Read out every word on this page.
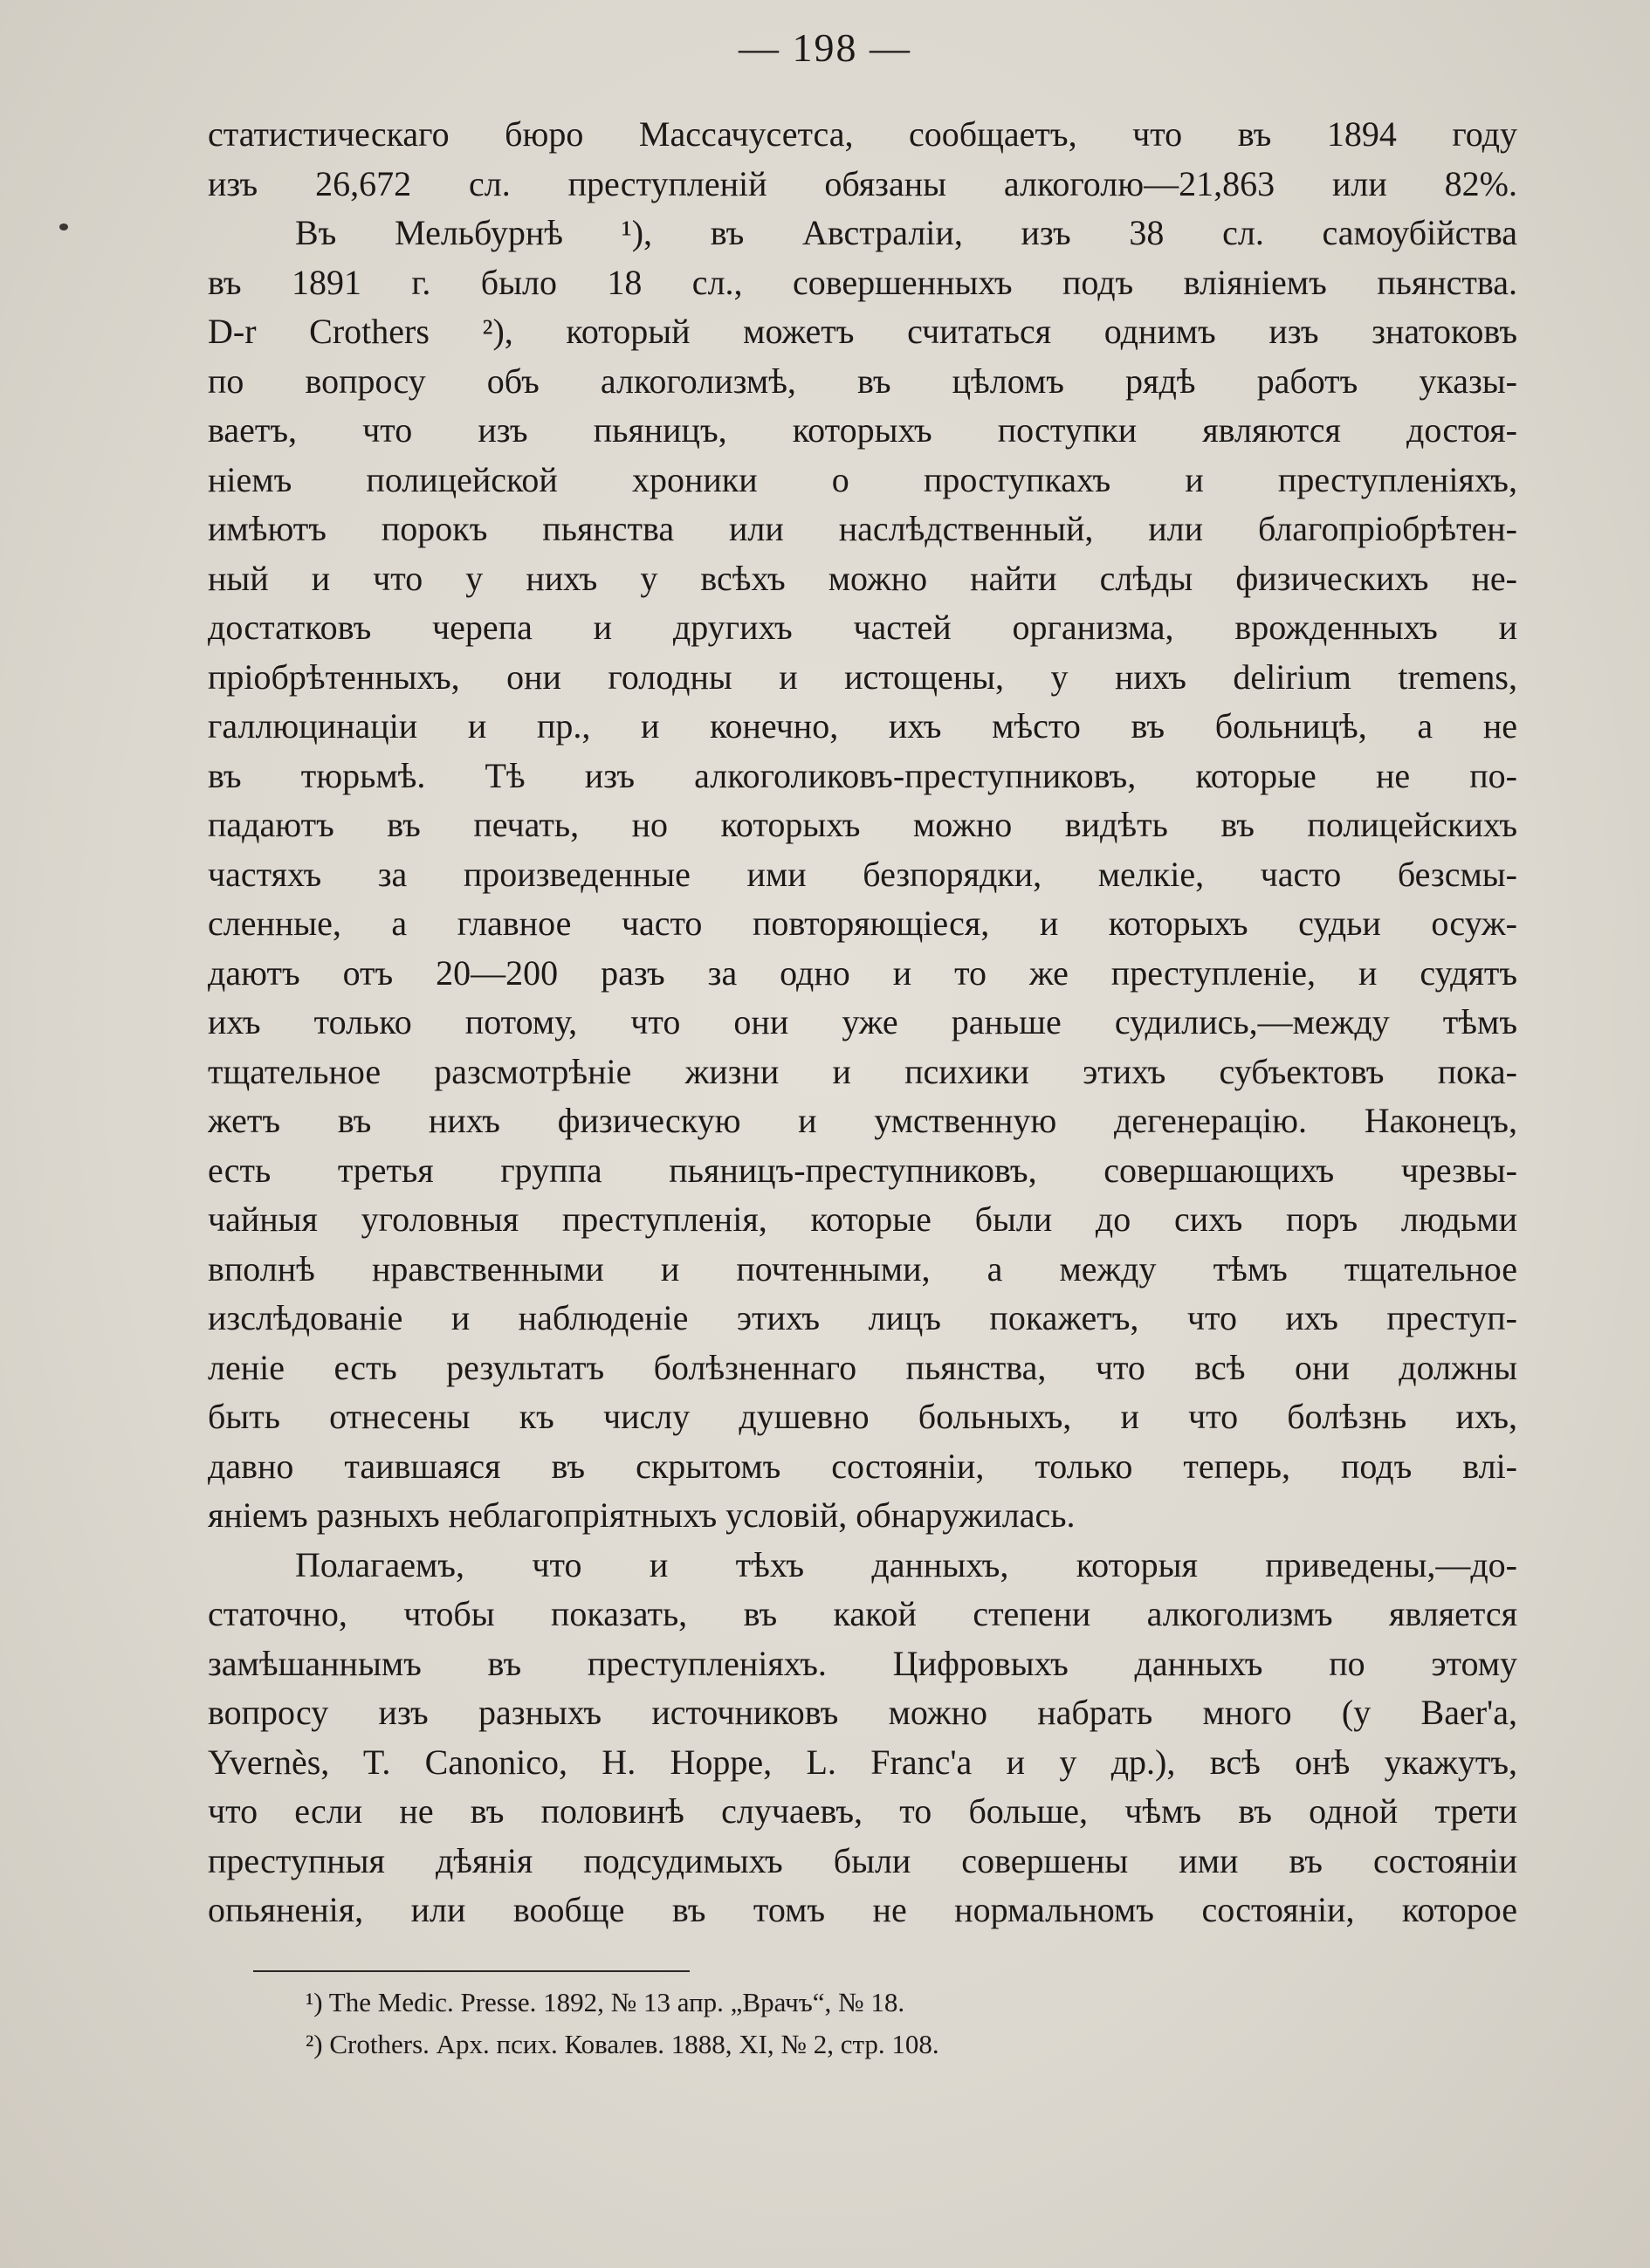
— 198 —
статистическаго бюро Массачусетса, сообщаетъ, что въ 1894 году
изъ 26,672 сл. преступленій обязаны алкоголю—21,863 или 82%.
Въ Мельбурнѣ ¹), въ Австраліи, изъ 38 сл. самоубійства
въ 1891 г. было 18 сл., совершенныхъ подъ вліяніемъ пьянства.
D-r Crothers ²), который можетъ считаться однимъ изъ знатоковъ
по вопросу объ алкоголизмѣ, въ цѣломъ рядѣ работъ указы-
ваетъ, что изъ пьяницъ, которыхъ поступки являются достоя-
ніемъ полицейской хроники о проступкахъ и преступленіяхъ,
имѣютъ порокъ пьянства или наслѣдственный, или благопріобрѣтен-
ный и что у нихъ у всѣхъ можно найти слѣды физическихъ не-
достатковъ черепа и другихъ частей организма, врожденныхъ и
пріобрѣтенныхъ, они голодны и истощены, у нихъ delirium tremens,
галлюцинаціи и пр., и конечно, ихъ мѣсто въ больницѣ, а не
въ тюрьмѣ. Тѣ изъ алкоголиковъ-преступниковъ, которые не по-
падаютъ въ печать, но которыхъ можно видѣть въ полицейскихъ
частяхъ за произведенные ими безпорядки, мелкіе, часто безсмы-
сленные, а главное часто повторяющіеся, и которыхъ судьи осуж-
даютъ отъ 20—200 разъ за одно и то же преступленіе, и судятъ
ихъ только потому, что они уже раньше судились,—между тѣмъ
тщательное разсмотрѣніе жизни и психики этихъ субъектовъ пока-
жетъ въ нихъ физическую и умственную дегенерацію. Наконецъ,
есть третья группа пьяницъ-преступниковъ, совершающихъ чрезвы-
чайныя уголовныя преступленія, которые были до сихъ поръ людьми
вполнѣ нравственными и почтенными, а между тѣмъ тщательное
изслѣдованіе и наблюденіе этихъ лицъ покажетъ, что ихъ преступ-
леніе есть результатъ болѣзненнаго пьянства, что всѣ они должны
быть отнесены къ числу душевно больныхъ, и что болѣзнь ихъ,
давно таившаяся въ скрытомъ состояніи, только теперь, подъ влі-
яніемъ разныхъ неблагопріятныхъ условій, обнаружилась.
Полагаемъ, что и тѣхъ данныхъ, которыя приведены,—до-
статочно, чтобы показать, въ какой степени алкоголизмъ является
замѣшаннымъ въ преступленіяхъ. Цифровыхъ данныхъ по этому
вопросу изъ разныхъ источниковъ можно набрать много (у Baer'a,
Yvernès, T. Canonico, H. Hoppe, L. Franc'a и у др.), всѣ онѣ укажутъ,
что если не въ половинѣ случаевъ, то больше, чѣмъ въ одной трети
преступныя дѣянія подсудимыхъ были совершены ими въ состояніи
опьяненія, или вообще въ томъ не нормальномъ состояніи, которое
¹) The Medic. Presse. 1892, № 13 апр. „Врачъ“, № 18.
²) Crothers. Арх. псих. Ковалев. 1888, XI, № 2, стр. 108.
